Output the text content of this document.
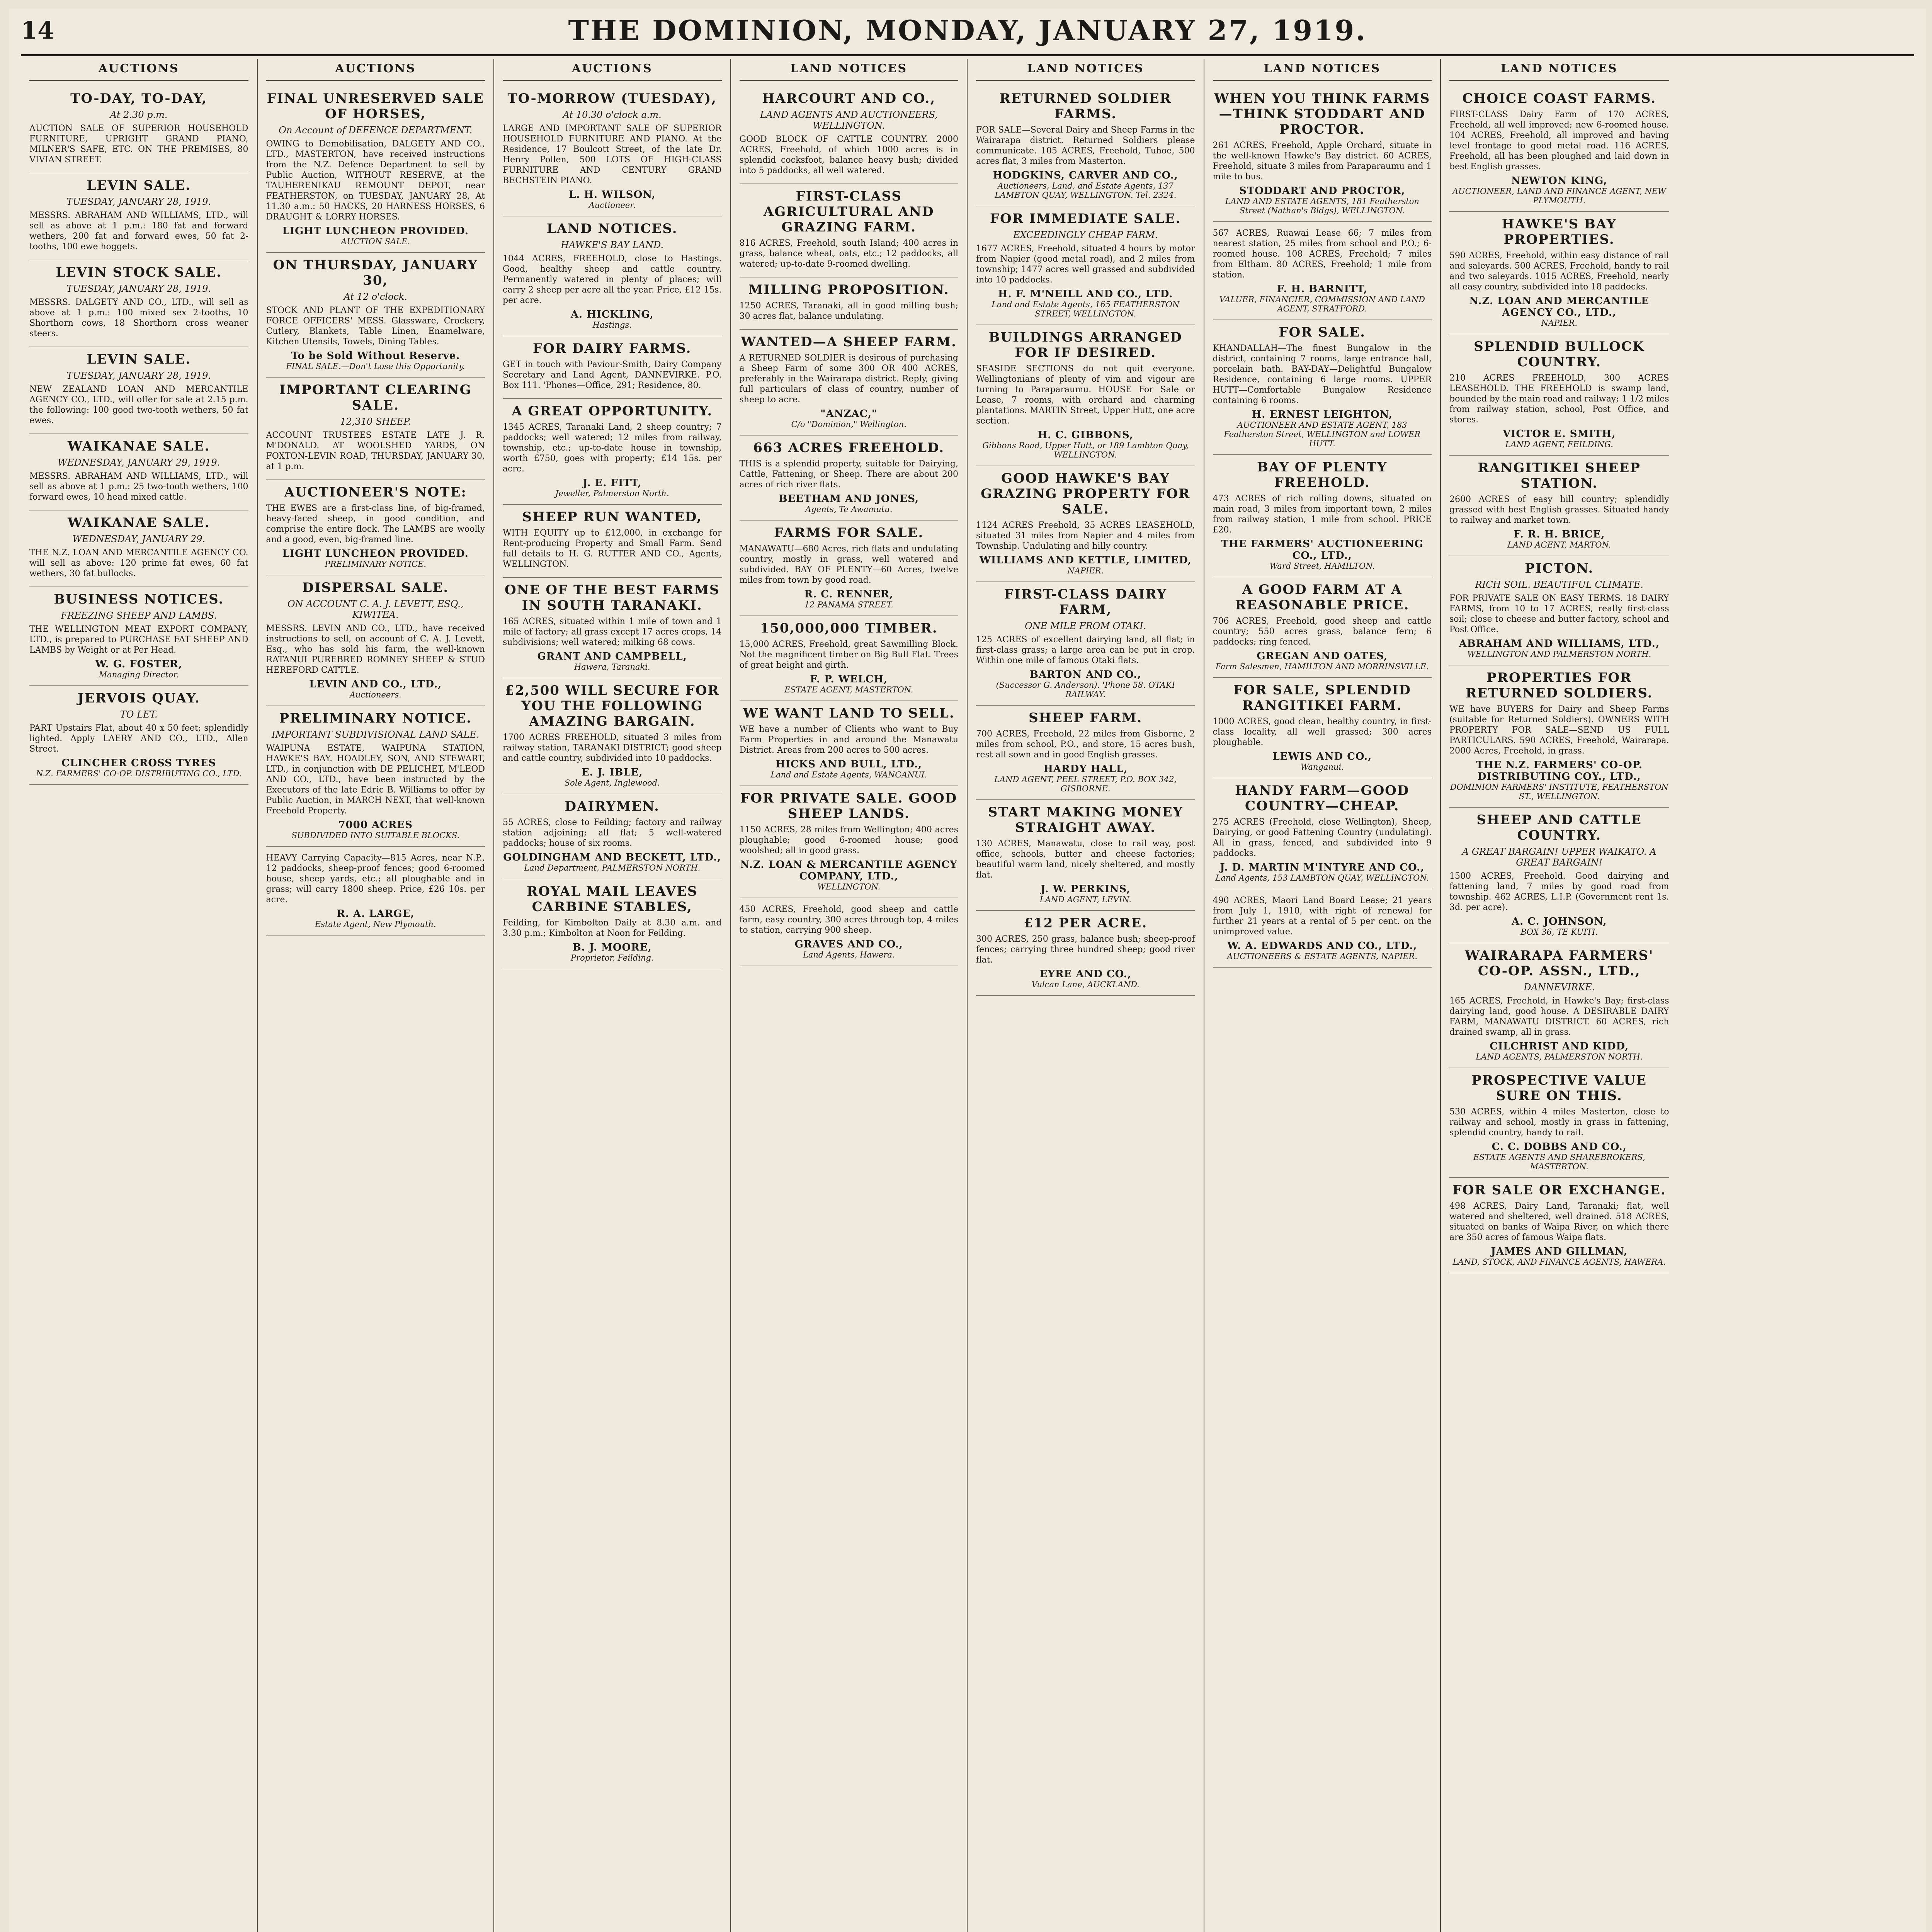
14	THE DOMINION, MONDAY, JANUARY 27, 1919.
AUCTIONS
TO-DAY, TO-DAY,
At 2.30 p.m.

AUCTION SALE OF SUPERIOR HOUSEHOLD FURNITURE, UPRIGHT GRAND PIANO, MILNER'S SAFE, ETC. ON THE PREMISES, 80 VIVIAN STREET.

LEVIN SALE.
TUESDAY, JANUARY 28, 1919.

MESSRS. ABRAHAM AND WILLIAMS, LTD., will sell as above at 1 p.m.: 180 fat and forward wethers, 200 fat and forward ewes, 50 fat 2-tooths, 100 ewe hoggets.

LEVIN STOCK SALE.
TUESDAY, JANUARY 28, 1919.

MESSRS. DALGETY AND CO., LTD., will sell as above at 1 p.m.: 100 mixed sex 2-tooths, 10 Shorthorn cows, 18 Shorthorn cross weaner steers.

LEVIN SALE.
TUESDAY, JANUARY 28, 1919.

NEW ZEALAND LOAN AND MERCANTILE AGENCY CO., LTD., will offer for sale at 2.15 p.m. the following: 100 good two-tooth wethers, 50 fat ewes.

WAIKANAE SALE.
WEDNESDAY, JANUARY 29, 1919.

MESSRS. ABRAHAM AND WILLIAMS, LTD., will sell as above at 1 p.m.: 25 two-tooth wethers, 100 forward ewes, 10 head mixed cattle.

WAIKANAE SALE.
WEDNESDAY, JANUARY 29.

THE N.Z. LOAN AND MERCANTILE AGENCY CO. will sell as above: 120 prime fat ewes, 60 fat wethers, 30 fat bullocks.

BUSINESS NOTICES.
FREEZING SHEEP AND LAMBS.

THE WELLINGTON MEAT EXPORT COMPANY, LTD., is prepared to PURCHASE FAT SHEEP AND LAMBS by Weight or at Per Head.

W. G. FOSTER,
Managing Director.
JERVOIS QUAY.
TO LET.

PART Upstairs Flat, about 40 x 50 feet; splendidly lighted. Apply LAERY AND CO., LTD., Allen Street.

CLINCHER CROSS TYRES
N.Z. FARMERS' CO-OP. DISTRIBUTING CO., LTD.
AUCTIONS
FINAL UNRESERVED SALE OF HORSES,
On Account of DEFENCE DEPARTMENT.

OWING to Demobilisation, DALGETY AND CO., LTD., MASTERTON, have received instructions from the N.Z. Defence Department to sell by Public Auction, WITHOUT RESERVE, at the TAUHERENIKAU REMOUNT DEPOT, near FEATHERSTON, on TUESDAY, JANUARY 28, At 11.30 a.m.: 50 HACKS, 20 HARNESS HORSES, 6 DRAUGHT & LORRY HORSES.

LIGHT LUNCHEON PROVIDED.
AUCTION SALE.
ON THURSDAY, JANUARY 30,
At 12 o'clock.

STOCK AND PLANT OF THE EXPEDITIONARY FORCE OFFICERS' MESS. Glassware, Crockery, Cutlery, Blankets, Table Linen, Enamelware, Kitchen Utensils, Towels, Dining Tables.

To be Sold Without Reserve.
FINAL SALE.—Don't Lose this Opportunity.
IMPORTANT CLEARING SALE.
12,310 SHEEP.

ACCOUNT TRUSTEES ESTATE LATE J. R. M'DONALD. AT WOOLSHED YARDS, ON FOXTON-LEVIN ROAD, THURSDAY, JANUARY 30, at 1 p.m.

AUCTIONEER'S NOTE:

THE EWES are a first-class line, of big-framed, heavy-faced sheep, in good condition, and comprise the entire flock. The LAMBS are woolly and a good, even, big-framed line.

LIGHT LUNCHEON PROVIDED.
PRELIMINARY NOTICE.
DISPERSAL SALE.
ON ACCOUNT C. A. J. LEVETT, ESQ., KIWITEA.

MESSRS. LEVIN AND CO., LTD., have received instructions to sell, on account of C. A. J. Levett, Esq., who has sold his farm, the well-known RATANUI PUREBRED ROMNEY SHEEP & STUD HEREFORD CATTLE.

LEVIN AND CO., LTD.,
Auctioneers.
PRELIMINARY NOTICE.
IMPORTANT SUBDIVISIONAL LAND SALE.

WAIPUNA ESTATE, WAIPUNA STATION, HAWKE'S BAY. HOADLEY, SON, AND STEWART, LTD., in conjunction with DE PELICHET, M'LEOD AND CO., LTD., have been instructed by the Executors of the late Edric B. Williams to offer by Public Auction, in MARCH NEXT, that well-known Freehold Property.

7000 ACRES
SUBDIVIDED INTO SUITABLE BLOCKS.

HEAVY Carrying Capacity—815 Acres, near N.P., 12 paddocks, sheep-proof fences; good 6-roomed house, sheep yards, etc.; all ploughable and in grass; will carry 1800 sheep. Price, £26 10s. per acre.

R. A. LARGE,
Estate Agent, New Plymouth.
AUCTIONS
TO-MORROW (TUESDAY),
At 10.30 o'clock a.m.

LARGE AND IMPORTANT SALE OF SUPERIOR HOUSEHOLD FURNITURE AND PIANO. At the Residence, 17 Boulcott Street, of the late Dr. Henry Pollen, 500 LOTS OF HIGH-CLASS FURNITURE AND CENTURY GRAND BECHSTEIN PIANO.

L. H. WILSON,
Auctioneer.
LAND NOTICES.
HAWKE'S BAY LAND.

1044 ACRES, FREEHOLD, close to Hastings. Good, healthy sheep and cattle country. Permanently watered in plenty of places; will carry 2 sheep per acre all the year. Price, £12 15s. per acre.

A. HICKLING,
Hastings.
FOR DAIRY FARMS.

GET in touch with Paviour-Smith, Dairy Company Secretary and Land Agent, DANNEVIRKE. P.O. Box 111. 'Phones—Office, 291; Residence, 80.

A GREAT OPPORTUNITY.

1345 ACRES, Taranaki Land, 2 sheep country; 7 paddocks; well watered; 12 miles from railway, township, etc.; up-to-date house in township, worth £750, goes with property; £14 15s. per acre.

J. E. FITT,
Jeweller, Palmerston North.
SHEEP RUN WANTED,

WITH EQUITY up to £12,000, in exchange for Rent-producing Property and Small Farm. Send full details to H. G. RUTTER AND CO., Agents, WELLINGTON.

ONE OF THE BEST FARMS IN SOUTH TARANAKI.

165 ACRES, situated within 1 mile of town and 1 mile of factory; all grass except 17 acres crops, 14 subdivisions; well watered; milking 68 cows.

GRANT AND CAMPBELL,
Hawera, Taranaki.
£2,500 WILL SECURE FOR YOU THE FOLLOWING AMAZING BARGAIN.

1700 ACRES FREEHOLD, situated 3 miles from railway station, TARANAKI DISTRICT; good sheep and cattle country, subdivided into 10 paddocks.

E. J. IBLE,
Sole Agent, Inglewood.
DAIRYMEN.

55 ACRES, close to Feilding; factory and railway station adjoining; all flat; 5 well-watered paddocks; house of six rooms.

GOLDINGHAM AND BECKETT, LTD.,
Land Department, PALMERSTON NORTH.
ROYAL MAIL LEAVES CARBINE STABLES,

Feilding, for Kimbolton Daily at 8.30 a.m. and 3.30 p.m.; Kimbolton at Noon for Feilding.

B. J. MOORE,
Proprietor, Feilding.
LAND NOTICES
HARCOURT AND CO.,
LAND AGENTS AND AUCTIONEERS, WELLINGTON.

GOOD BLOCK OF CATTLE COUNTRY. 2000 ACRES, Freehold, of which 1000 acres is in splendid cocksfoot, balance heavy bush; divided into 5 paddocks, all well watered.

FIRST-CLASS AGRICULTURAL AND GRAZING FARM.

816 ACRES, Freehold, south Island; 400 acres in grass, balance wheat, oats, etc.; 12 paddocks, all watered; up-to-date 9-roomed dwelling.

MILLING PROPOSITION.

1250 ACRES, Taranaki, all in good milling bush; 30 acres flat, balance undulating.

WANTED—A SHEEP FARM.

A RETURNED SOLDIER is desirous of purchasing a Sheep Farm of some 300 OR 400 ACRES, preferably in the Wairarapa district. Reply, giving full particulars of class of country, number of sheep to acre.

"ANZAC,"
C/o "Dominion," Wellington.
663 ACRES FREEHOLD.

THIS is a splendid property, suitable for Dairying, Cattle, Fattening, or Sheep. There are about 200 acres of rich river flats.

BEETHAM AND JONES,
Agents, Te Awamutu.
FARMS FOR SALE.

MANAWATU—680 Acres, rich flats and undulating country, mostly in grass, well watered and subdivided. BAY OF PLENTY—60 Acres, twelve miles from town by good road.

R. C. RENNER,
12 PANAMA STREET.
150,000,000 TIMBER.

15,000 ACRES, Freehold, great Sawmilling Block. Not the magnificent timber on Big Bull Flat. Trees of great height and girth.

F. P. WELCH,
ESTATE AGENT, MASTERTON.
WE WANT LAND TO SELL.

WE have a number of Clients who want to Buy Farm Properties in and around the Manawatu District. Areas from 200 acres to 500 acres.

HICKS AND BULL, LTD.,
Land and Estate Agents, WANGANUI.
FOR PRIVATE SALE. GOOD SHEEP LANDS.

1150 ACRES, 28 miles from Wellington; 400 acres ploughable; good 6-roomed house; good woolshed; all in good grass.

N.Z. LOAN & MERCANTILE AGENCY COMPANY, LTD.,
WELLINGTON.

450 ACRES, Freehold, good sheep and cattle farm, easy country, 300 acres through top, 4 miles to station, carrying 900 sheep.

GRAVES AND CO.,
Land Agents, Hawera.
LAND NOTICES
RETURNED SOLDIER FARMS.

FOR SALE—Several Dairy and Sheep Farms in the Wairarapa district. Returned Soldiers please communicate. 105 ACRES, Freehold, Tuhoe, 500 acres flat, 3 miles from Masterton.

HODGKINS, CARVER AND CO.,
Auctioneers, Land, and Estate Agents, 137 LAMBTON QUAY, WELLINGTON. Tel. 2324.
FOR IMMEDIATE SALE.
EXCEEDINGLY CHEAP FARM.

1677 ACRES, Freehold, situated 4 hours by motor from Napier (good metal road), and 2 miles from township; 1477 acres well grassed and subdivided into 10 paddocks.

H. F. M'NEILL AND CO., LTD.
Land and Estate Agents, 165 FEATHERSTON STREET, WELLINGTON.
BUILDINGS ARRANGED FOR IF DESIRED.

SEASIDE SECTIONS do not quit everyone. Wellingtonians of plenty of vim and vigour are turning to Paraparaumu. HOUSE For Sale or Lease, 7 rooms, with orchard and charming plantations. MARTIN Street, Upper Hutt, one acre section.

H. C. GIBBONS,
Gibbons Road, Upper Hutt, or 189 Lambton Quay, WELLINGTON.
GOOD HAWKE'S BAY GRAZING PROPERTY FOR SALE.

1124 ACRES Freehold, 35 ACRES LEASEHOLD, situated 31 miles from Napier and 4 miles from Township. Undulating and hilly country.

WILLIAMS AND KETTLE, LIMITED,
NAPIER.
FIRST-CLASS DAIRY FARM,
ONE MILE FROM OTAKI.

125 ACRES of excellent dairying land, all flat; in first-class grass; a large area can be put in crop. Within one mile of famous Otaki flats.

BARTON AND CO.,
(Successor G. Anderson). 'Phone 58. OTAKI RAILWAY.
SHEEP FARM.

700 ACRES, Freehold, 22 miles from Gisborne, 2 miles from school, P.O., and store, 15 acres bush, rest all sown and in good English grasses.

HARDY HALL,
LAND AGENT, PEEL STREET, P.O. BOX 342, GISBORNE.
START MAKING MONEY STRAIGHT AWAY.

130 ACRES, Manawatu, close to rail way, post office, schools, butter and cheese factories; beautiful warm land, nicely sheltered, and mostly flat.

J. W. PERKINS,
LAND AGENT, LEVIN.
£12 PER ACRE.

300 ACRES, 250 grass, balance bush; sheep-proof fences; carrying three hundred sheep; good river flat.

EYRE AND CO.,
Vulcan Lane, AUCKLAND.
LAND NOTICES
WHEN YOU THINK FARMS—THINK STODDART AND PROCTOR.

261 ACRES, Freehold, Apple Orchard, situate in the well-known Hawke's Bay district. 60 ACRES, Freehold, situate 3 miles from Paraparaumu and 1 mile to bus.

STODDART AND PROCTOR,
LAND AND ESTATE AGENTS, 181 Featherston Street (Nathan's Bldgs), WELLINGTON.

567 ACRES, Ruawai Lease 66; 7 miles from nearest station, 25 miles from school and P.O.; 6-roomed house. 108 ACRES, Freehold; 7 miles from Eltham. 80 ACRES, Freehold; 1 mile from station.

F. H. BARNITT,
VALUER, FINANCIER, COMMISSION AND LAND AGENT, STRATFORD.
FOR SALE.

KHANDALLAH—The finest Bungalow in the district, containing 7 rooms, large entrance hall, porcelain bath. BAY-DAY—Delightful Bungalow Residence, containing 6 large rooms. UPPER HUTT—Comfortable Bungalow Residence containing 6 rooms.

H. ERNEST LEIGHTON,
AUCTIONEER AND ESTATE AGENT, 183 Featherston Street, WELLINGTON and LOWER HUTT.
BAY OF PLENTY FREEHOLD.

473 ACRES of rich rolling downs, situated on main road, 3 miles from important town, 2 miles from railway station, 1 mile from school. PRICE £20.

THE FARMERS' AUCTIONEERING CO., LTD.,
Ward Street, HAMILTON.
A GOOD FARM AT A REASONABLE PRICE.

706 ACRES, Freehold, good sheep and cattle country; 550 acres grass, balance fern; 6 paddocks; ring fenced.

GREGAN AND OATES,
Farm Salesmen, HAMILTON AND MORRINSVILLE.
FOR SALE, SPLENDID RANGITIKEI FARM.

1000 ACRES, good clean, healthy country, in first-class locality, all well grassed; 300 acres ploughable.

LEWIS AND CO.,
Wanganui.
HANDY FARM—GOOD COUNTRY—CHEAP.

275 ACRES (Freehold, close Wellington), Sheep, Dairying, or good Fattening Country (undulating). All in grass, fenced, and subdivided into 9 paddocks.

J. D. MARTIN M'INTYRE AND CO.,
Land Agents, 153 LAMBTON QUAY, WELLINGTON.

490 ACRES, Maori Land Board Lease; 21 years from July 1, 1910, with right of renewal for further 21 years at a rental of 5 per cent. on the unimproved value.

W. A. EDWARDS AND CO., LTD.,
AUCTIONEERS & ESTATE AGENTS, NAPIER.
LAND NOTICES
CHOICE COAST FARMS.

FIRST-CLASS Dairy Farm of 170 ACRES, Freehold, all well improved; new 6-roomed house. 104 ACRES, Freehold, all improved and having level frontage to good metal road. 116 ACRES, Freehold, all has been ploughed and laid down in best English grasses.

NEWTON KING,
AUCTIONEER, LAND AND FINANCE AGENT, NEW PLYMOUTH.
HAWKE'S BAY PROPERTIES.

590 ACRES, Freehold, within easy distance of rail and saleyards. 500 ACRES, Freehold, handy to rail and two saleyards. 1015 ACRES, Freehold, nearly all easy country, subdivided into 18 paddocks.

N.Z. LOAN AND MERCANTILE AGENCY CO., LTD.,
NAPIER.
SPLENDID BULLOCK COUNTRY.

210 ACRES FREEHOLD, 300 ACRES LEASEHOLD. THE FREEHOLD is swamp land, bounded by the main road and railway; 1 1/2 miles from railway station, school, Post Office, and stores.

VICTOR E. SMITH,
LAND AGENT, FEILDING.
RANGITIKEI SHEEP STATION.

2600 ACRES of easy hill country; splendidly grassed with best English grasses. Situated handy to railway and market town.

F. R. H. BRICE,
LAND AGENT, MARTON.
PICTON.
RICH SOIL. BEAUTIFUL CLIMATE.

FOR PRIVATE SALE ON EASY TERMS. 18 DAIRY FARMS, from 10 to 17 ACRES, really first-class soil; close to cheese and butter factory, school and Post Office.

ABRAHAM AND WILLIAMS, LTD.,
WELLINGTON AND PALMERSTON NORTH.
PROPERTIES FOR RETURNED SOLDIERS.

WE have BUYERS for Dairy and Sheep Farms (suitable for Returned Soldiers). OWNERS WITH PROPERTY FOR SALE—SEND US FULL PARTICULARS. 590 ACRES, Freehold, Wairarapa. 2000 Acres, Freehold, in grass.

THE N.Z. FARMERS' CO-OP. DISTRIBUTING COY., LTD.,
DOMINION FARMERS' INSTITUTE, FEATHERSTON ST., WELLINGTON.
SHEEP AND CATTLE COUNTRY.
A GREAT BARGAIN! UPPER WAIKATO. A GREAT BARGAIN!

1500 ACRES, Freehold. Good dairying and fattening land, 7 miles by good road from township. 462 ACRES, L.I.P. (Government rent 1s. 3d. per acre).

A. C. JOHNSON,
BOX 36, TE KUITI.
WAIRARAPA FARMERS' CO-OP. ASSN., LTD.,
DANNEVIRKE.

165 ACRES, Freehold, in Hawke's Bay; first-class dairying land, good house. A DESIRABLE DAIRY FARM, MANAWATU DISTRICT. 60 ACRES, rich drained swamp, all in grass.

CILCHRIST AND KIDD,
LAND AGENTS, PALMERSTON NORTH.
PROSPECTIVE VALUE SURE ON THIS.

530 ACRES, within 4 miles Masterton, close to railway and school, mostly in grass in fattening, splendid country, handy to rail.

C. C. DOBBS AND CO.,
ESTATE AGENTS AND SHAREBROKERS, MASTERTON.
FOR SALE OR EXCHANGE.

498 ACRES, Dairy Land, Taranaki; flat, well watered and sheltered, well drained. 518 ACRES, situated on banks of Waipa River, on which there are 350 acres of famous Waipa flats.

JAMES AND GILLMAN,
LAND, STOCK, AND FINANCE AGENTS, HAWERA.
